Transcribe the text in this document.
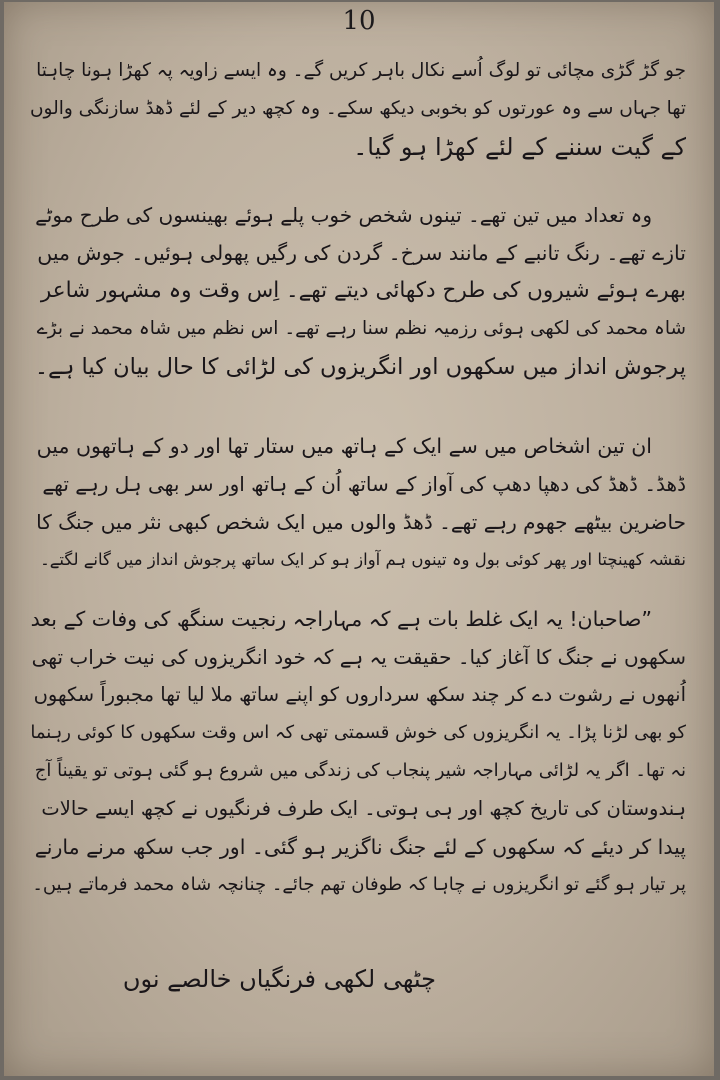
10
جو گڑ گڑی مچائی تو لوگ اُسے نکال باہر کریں گے۔ وہ ایسے زاویہ پہ کھڑا ہونا چاہتا
تھا جہاں سے وہ عورتوں کو بخوبی دیکھ سکے۔ وہ کچھ دیر کے لئے ڈھڈ سازنگی والوں
کے گیت سننے کے لئے کھڑا ہو گیا۔
وہ تعداد میں تین تھے۔ تینوں شخص خوب پلے ہوئے بھینسوں کی طرح موٹے
تازے تھے۔ رنگ تانبے کے مانند سرخ۔ گردن کی رگیں پھولی ہوئیں۔ جوش میں
بھرے ہوئے شیروں کی طرح دکھائی دیتے تھے۔ اِس وقت وہ مشہور شاعر
شاہ محمد کی لکھی ہوئی رزمیہ نظم سنا رہے تھے۔ اس نظم میں شاہ محمد نے بڑے
پرجوش انداز میں سکھوں اور انگریزوں کی لڑائی کا حال بیان کیا ہے۔
ان تین اشخاص میں سے ایک کے ہاتھ میں ستار تھا اور دو کے ہاتھوں میں
ڈھڈ۔ ڈھڈ کی دھپا دھپ کی آواز کے ساتھ اُن کے ہاتھ اور سر بھی ہل رہے تھے
حاضرین بیٹھے جھوم رہے تھے۔ ڈھڈ والوں میں ایک شخص کبھی نثر میں جنگ کا
نقشہ کھینچتا اور پھر کوئی بول وہ تینوں ہم آواز ہو کر ایک ساتھ پرجوش انداز میں گانے لگتے۔
”صاحبان! یہ ایک غلط بات ہے کہ مہاراجہ رنجیت سنگھ کی وفات کے بعد
سکھوں نے جنگ کا آغاز کیا۔ حقیقت یہ ہے کہ خود انگریزوں کی نیت خراب تھی
اُنھوں نے رشوت دے کر چند سکھ سرداروں کو اپنے ساتھ ملا لیا تھا مجبوراً سکھوں
کو بھی لڑنا پڑا۔ یہ انگریزوں کی خوش قسمتی تھی کہ اس وقت سکھوں کا کوئی رہنما
نہ تھا۔ اگر یہ لڑائی مہاراجہ شیر پنجاب کی زندگی میں شروع ہو گئی ہوتی تو یقیناً آج
ہندوستان کی تاریخ کچھ اور ہی ہوتی۔ ایک طرف فرنگیوں نے کچھ ایسے حالات
پیدا کر دیئے کہ سکھوں کے لئے جنگ ناگزیر ہو گئی۔ اور جب سکھ مرنے مارنے
پر تیار ہو گئے تو انگریزوں نے چاہا کہ طوفان تھم جائے۔ چنانچہ شاہ محمد فرماتے ہیں۔
چٹھی لکھی فرنگیاں خالصے نوں
